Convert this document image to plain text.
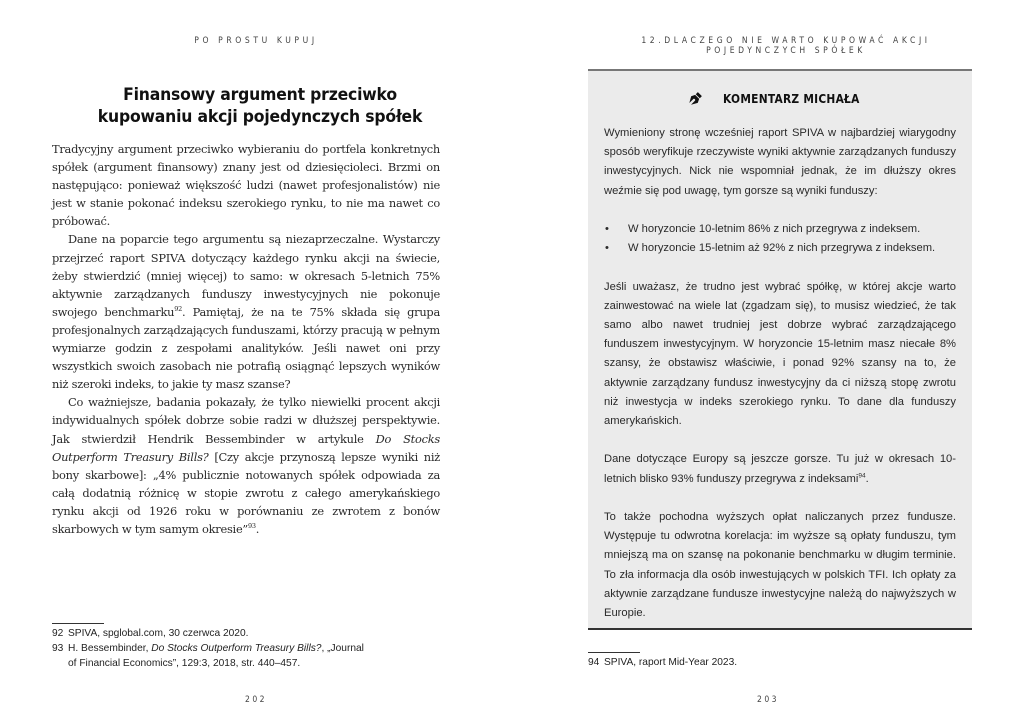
PO PROSTU KUPUJ
Finansowy argument przeciwko
kupowaniu akcji pojedynczych spółek

Tradycyjny argument przeciwko wybieraniu do portfela konkretnych spółek (argument finansowy) znany jest od dziesięcioleci. Brzmi on następująco: ponieważ większość ludzi (nawet profesjonalistów) nie jest w stanie pokonać indeksu szerokiego rynku, to nie ma nawet co próbować.

Dane na poparcie tego argumentu są niezaprzeczalne. Wystarczy przejrzeć raport SPIVA dotyczący każdego rynku akcji na świecie, żeby stwierdzić (mniej więcej) to samo: w okresach 5-letnich 75% aktywnie zarządzanych funduszy inwestycyjnych nie pokonuje swojego benchmarku$^{92}$. Pamiętaj, że na te 75% składa się grupa profesjonalnych zarządzających funduszami, którzy pracują w pełnym wymiarze godzin z zespołami analityków. Jeśli nawet oni przy wszystkich swoich zasobach nie potrafią osiągnąć lepszych wyników niż szeroki indeks, to jakie ty masz szanse?

Co ważniejsze, badania pokazały, że tylko niewielki procent akcji indywidualnych spółek dobrze sobie radzi w dłuższej perspektywie. Jak stwierdził Hendrik Bessembinder w artykule Do Stocks Outperform Treasury Bills? [Czy akcje przynoszą lepsze wyniki niż bony skarbowe]: „4% publicznie notowanych spółek odpowiada za całą dodatnią różnicę w stopie zwrotu z całego amerykańskiego rynku akcji od 1926 roku w porównaniu ze zwrotem z bonów skarbowych w tym samym okresie”$^{93}$.

92 SPIVA, spglobal.com, 30 czerwca 2020.
93 H. Bessembinder, Do Stocks Outperform Treasury Bills?, „Journal of Financial Economics”, 129:3, 2018, str. 440–457.
202
12.DLACZEGO NIE WARTO KUPOWAĆ AKCJI POJEDYNCZYCH SPÓŁEK
KOMENTARZ MICHAŁA

Wymieniony stronę wcześniej raport SPIVA w najbardziej wiarygodny sposób weryfikuje rzeczywiste wyniki aktywnie zarządzanych funduszy inwestycyjnych. Nick nie wspomniał jednak, że im dłuższy okres weźmie się pod uwagę, tym gorsze są wyniki funduszy:

•	W horyzoncie 10-letnim 86% z nich przegrywa z indeksem.
•	W horyzoncie 15-letnim aż 92% z nich przegrywa z indeksem.

Jeśli uważasz, że trudno jest wybrać spółkę, w której akcje warto zainwestować na wiele lat (zgadzam się), to musisz wiedzieć, że tak samo albo nawet trudniej jest dobrze wybrać zarządzającego funduszem inwestycyjnym. W horyzoncie 15-letnim masz niecałe 8% szansy, że obstawisz właściwie, i ponad 92% szansy na to, że aktywnie zarządzany fundusz inwestycyjny da ci niższą stopę zwrotu niż inwestycja w indeks szerokiego rynku. To dane dla funduszy amerykańskich.

Dane dotyczące Europy są jeszcze gorsze. Tu już w okresach 10-letnich blisko 93% funduszy przegrywa z indeksami$^{94}$.

To także pochodna wyższych opłat naliczanych przez fundusze. Występuje tu odwrotna korelacja: im wyższe są opłaty funduszu, tym mniejszą ma on szansę na pokonanie benchmarku w długim terminie. To zła informacja dla osób inwestujących w polskich TFI. Ich opłaty za aktywnie zarządzane fundusze inwestycyjne należą do najwyższych w Europie.

94 SPIVA, raport Mid-Year 2023.
203
